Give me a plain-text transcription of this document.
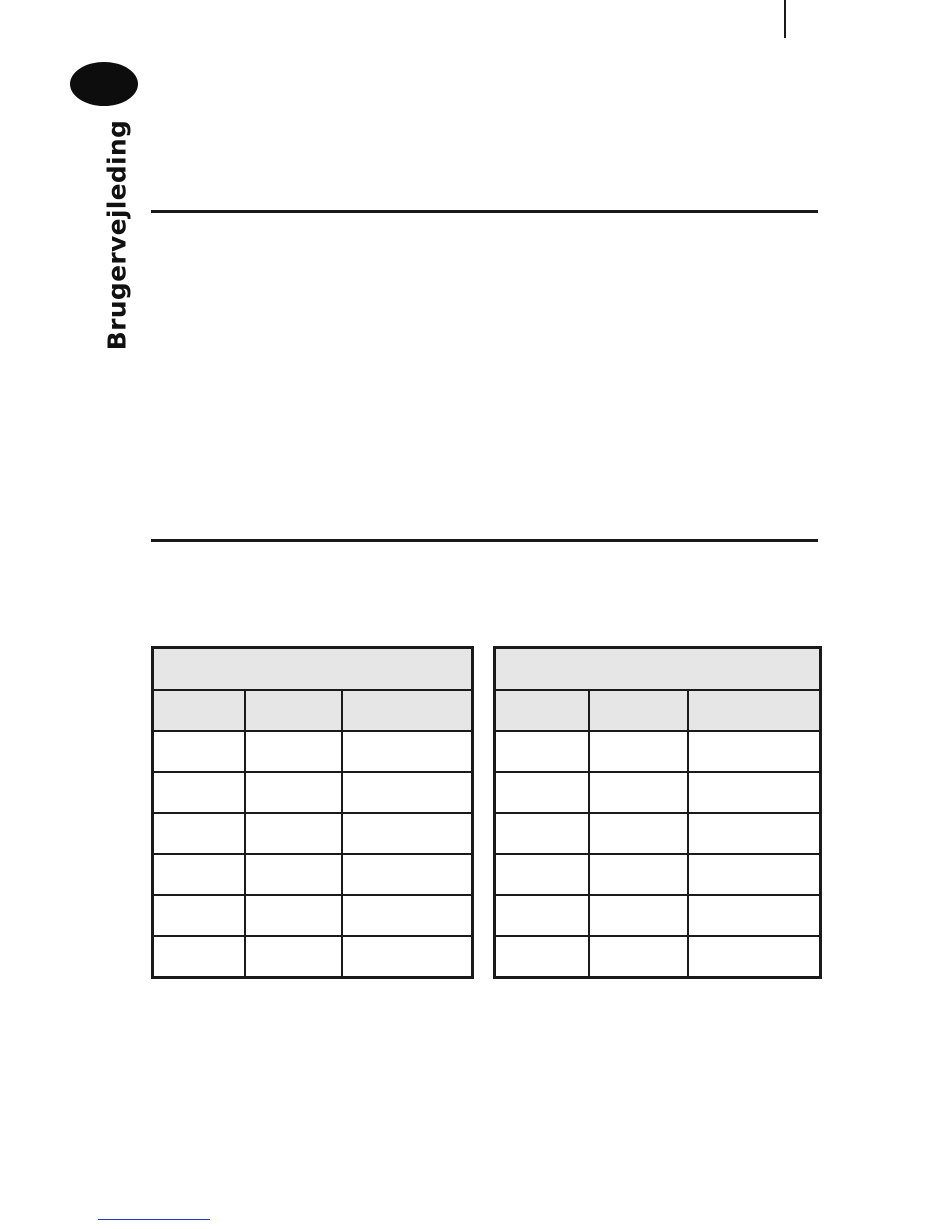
Brugervejleding
